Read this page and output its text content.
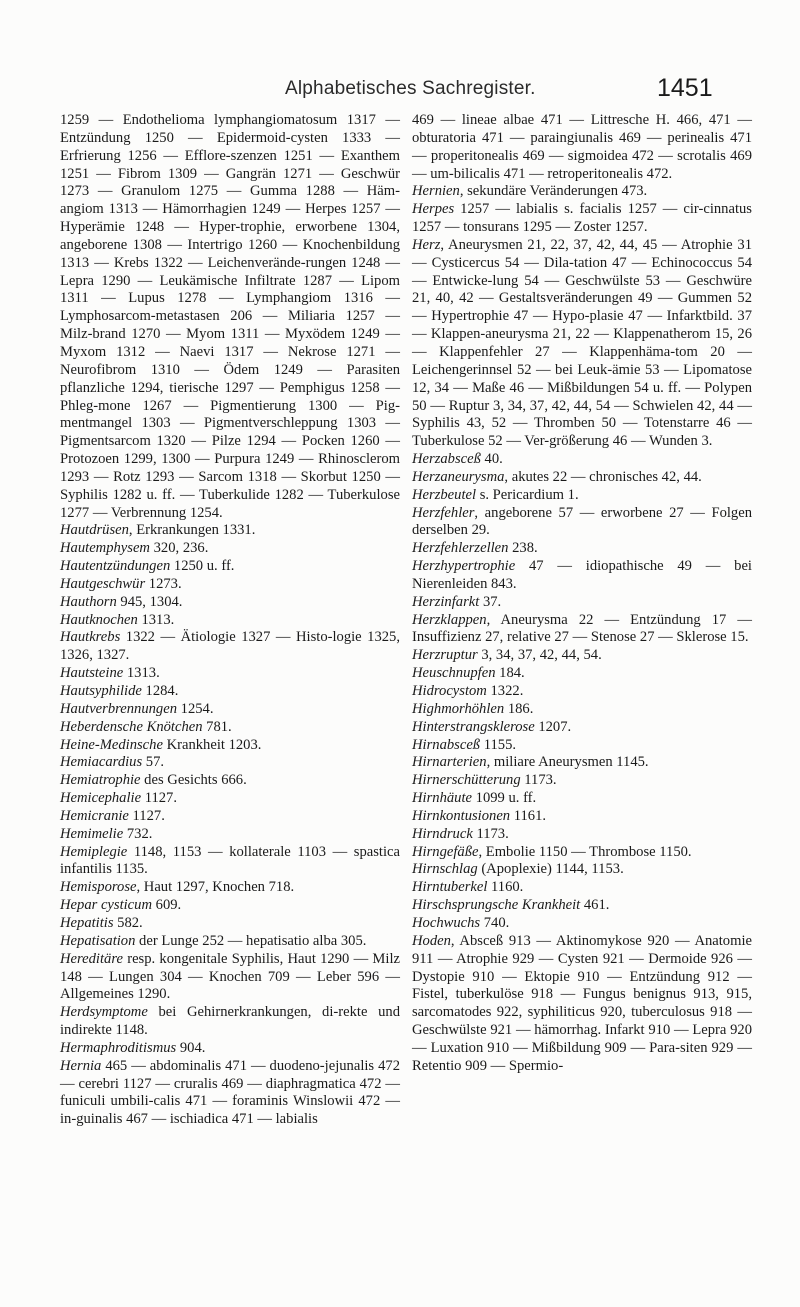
Alphabetisches Sachregister.	1451

1259 — Endothelioma lymphangiomatosum 1317 — Entzündung 1250 — Epidermoid-cysten 1333 — Erfrierung 1256 — Efflore-szenzen 1251 — Exanthem 1251 — Fibrom 1309 — Gangrän 1271 — Geschwür 1273 — Granulom 1275 — Gumma 1288 — Häm-angiom 1313 — Hämorrhagien 1249 — Herpes 1257 — Hyperämie 1248 — Hyper-trophie, erworbene 1304, angeborene 1308 — Intertrigo 1260 — Knochenbildung 1313 — Krebs 1322 — Leichenverände-rungen 1248 — Lepra 1290 — Leukämische Infiltrate 1287 — Lipom 1311 — Lupus 1278 — Lymphangiom 1316 — Lymphosarcom-metastasen 206 — Miliaria 1257 — Milz-brand 1270 — Myom 1311 — Myxödem 1249 — Myxom 1312 — Naevi 1317 — Nekrose 1271 — Neurofibrom 1310 — Ödem 1249 — Parasiten pflanzliche 1294, tierische 1297 — Pemphigus 1258 — Phleg-mone 1267 — Pigmentierung 1300 — Pig-mentmangel 1303 — Pigmentverschleppung 1303 — Pigmentsarcom 1320 — Pilze 1294 — Pocken 1260 — Protozoen 1299, 1300 — Purpura 1249 — Rhinosclerom 1293 — Rotz 1293 — Sarcom 1318 — Skorbut 1250 — Syphilis 1282 u. ff. — Tuberkulide 1282 — Tuberkulose 1277 — Verbrennung 1254.

Hautdrüsen, Erkrankungen 1331.

Hautemphysem 320, 236.

Hautentzündungen 1250 u. ff.

Hautgeschwür 1273.

Hauthorn 945, 1304.

Hautknochen 1313.

Hautkrebs 1322 — Ätiologie 1327 — Histo-logie 1325, 1326, 1327.

Hautsteine 1313.

Hautsyphilide 1284.

Hautverbrennungen 1254.

Heberdensche Knötchen 781.

Heine-Medinsche Krankheit 1203.

Hemiacardius 57.

Hemiatrophie des Gesichts 666.

Hemicephalie 1127.

Hemicranie 1127.

Hemimelie 732.

Hemiplegie 1148, 1153 — kollaterale 1103 — spastica infantilis 1135.

Hemisporose, Haut 1297, Knochen 718.

Hepar cysticum 609.

Hepatitis 582.

Hepatisation der Lunge 252 — hepatisatio alba 305.

Hereditäre resp. kongenitale Syphilis, Haut 1290 — Milz 148 — Lungen 304 — Knochen 709 — Leber 596 — Allgemeines 1290.

Herdsymptome bei Gehirnerkrankungen, di-rekte und indirekte 1148.

Hermaphroditismus 904.

Hernia 465 — abdominalis 471 — duodeno-jejunalis 472 — cerebri 1127 — cruralis 469 — diaphragmatica 472 — funiculi umbili-calis 471 — foraminis Winslowii 472 — in-guinalis 467 — ischiadica 471 — labialis

469 — lineae albae 471 — Littresche H. 466, 471 — obturatoria 471 — paraingiunalis 469 — perinealis 471 — properitonealis 469 — sigmoidea 472 — scrotalis 469 — um-bilicalis 471 — retroperitonealis 472.

Hernien, sekundäre Veränderungen 473.

Herpes 1257 — labialis s. facialis 1257 — cir-cinnatus 1257 — tonsurans 1295 — Zoster 1257.

Herz, Aneurysmen 21, 22, 37, 42, 44, 45 — Atrophie 31 — Cysticercus 54 — Dila-tation 47 — Echinococcus 54 — Entwicke-lung 54 — Geschwülste 53 — Geschwüre 21, 40, 42 — Gestaltsveränderungen 49 — Gummen 52 — Hypertrophie 47 — Hypo-plasie 47 — Infarktbild. 37 — Klappen-aneurysma 21, 22 — Klappenatherom 15, 26 — Klappenfehler 27 — Klappenhäma-tom 20 — Leichengerinnsel 52 — bei Leuk-ämie 53 — Lipomatose 12, 34 — Maße 46 — Mißbildungen 54 u. ff. — Polypen 50 — Ruptur 3, 34, 37, 42, 44, 54 — Schwielen 42, 44 — Syphilis 43, 52 — Thromben 50 — Totenstarre 46 — Tuberkulose 52 — Ver-größerung 46 — Wunden 3.

Herzabsceß 40.

Herzaneurysma, akutes 22 — chronisches 42, 44.

Herzbeutel s. Pericardium 1.

Herzfehler, angeborene 57 — erworbene 27 — Folgen derselben 29.

Herzfehlerzellen 238.

Herzhypertrophie 47 — idiopathische 49 — bei Nierenleiden 843.

Herzinfarkt 37.

Herzklappen, Aneurysma 22 — Entzündung 17 — Insuffizienz 27, relative 27 — Stenose 27 — Sklerose 15.

Herzruptur 3, 34, 37, 42, 44, 54.

Heuschnupfen 184.

Hidrocystom 1322.

Highmorhöhlen 186.

Hinterstrangsklerose 1207.

Hirnabsceß 1155.

Hirnarterien, miliare Aneurysmen 1145.

Hirnerschütterung 1173.

Hirnhäute 1099 u. ff.

Hirnkontusionen 1161.

Hirndruck 1173.

Hirngefäße, Embolie 1150 — Thrombose 1150.

Hirnschlag (Apoplexie) 1144, 1153.

Hirntuberkel 1160.

Hirschsprungsche Krankheit 461.

Hochwuchs 740.

Hoden, Absceß 913 — Aktinomykose 920 — Anatomie 911 — Atrophie 929 — Cysten 921 — Dermoide 926 — Dystopie 910 — Ektopie 910 — Entzündung 912 — Fistel, tuberkulöse 918 — Fungus benignus 913, 915, sarcomatodes 922, syphiliticus 920, tuberculosus 918 — Geschwülste 921 — hämorrhag. Infarkt 910 — Lepra 920 — Luxation 910 — Mißbildung 909 — Para-siten 929 — Retentio 909 — Spermio-
